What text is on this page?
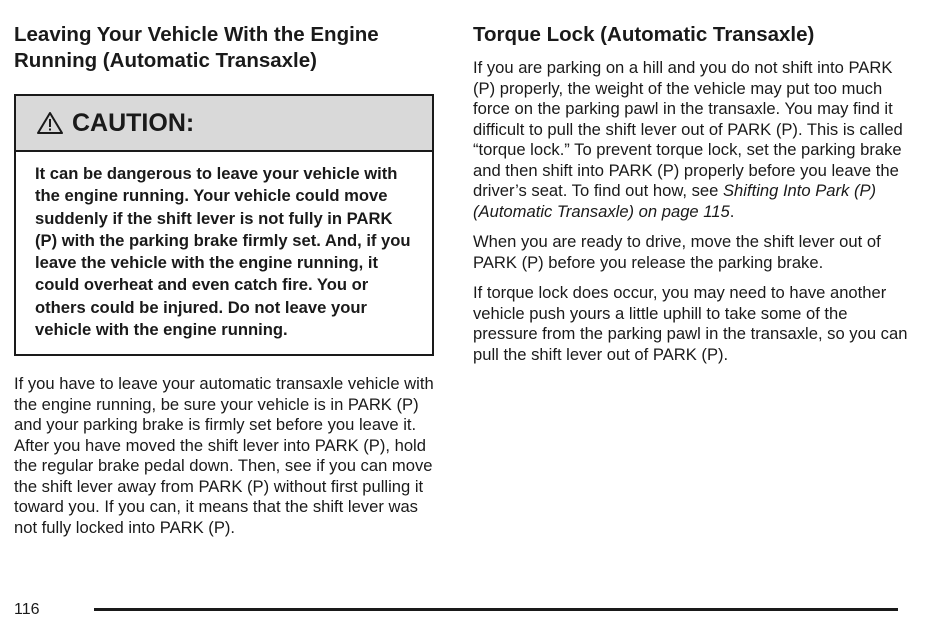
Leaving Your Vehicle With the Engine
Running (Automatic Transaxle)
CAUTION:

It can be dangerous to leave your vehicle with the engine running. Your vehicle could move suddenly if the shift lever is not fully in PARK (P) with the parking brake firmly set. And, if you leave the vehicle with the engine running, it could overheat and even catch fire. You or others could be injured. Do not leave your vehicle with the engine running.

If you have to leave your automatic transaxle vehicle with the engine running, be sure your vehicle is in PARK (P) and your parking brake is firmly set before you leave it. After you have moved the shift lever into PARK (P), hold the regular brake pedal down. Then, see if you can move the shift lever away from PARK (P) without first pulling it toward you. If you can, it means that the shift lever was not fully locked into PARK (P).

Torque Lock (Automatic Transaxle)

If you are parking on a hill and you do not shift into PARK (P) properly, the weight of the vehicle may put too much force on the parking pawl in the transaxle. You may find it difficult to pull the shift lever out of PARK (P). This is called “torque lock.” To prevent torque lock, set the parking brake and then shift into PARK (P) properly before you leave the driver’s seat. To find out how, see Shifting Into Park (P) (Automatic Transaxle) on page 115.

When you are ready to drive, move the shift lever out of PARK (P) before you release the parking brake.

If torque lock does occur, you may need to have another vehicle push yours a little uphill to take some of the pressure from the parking pawl in the transaxle, so you can pull the shift lever out of PARK (P).

116
